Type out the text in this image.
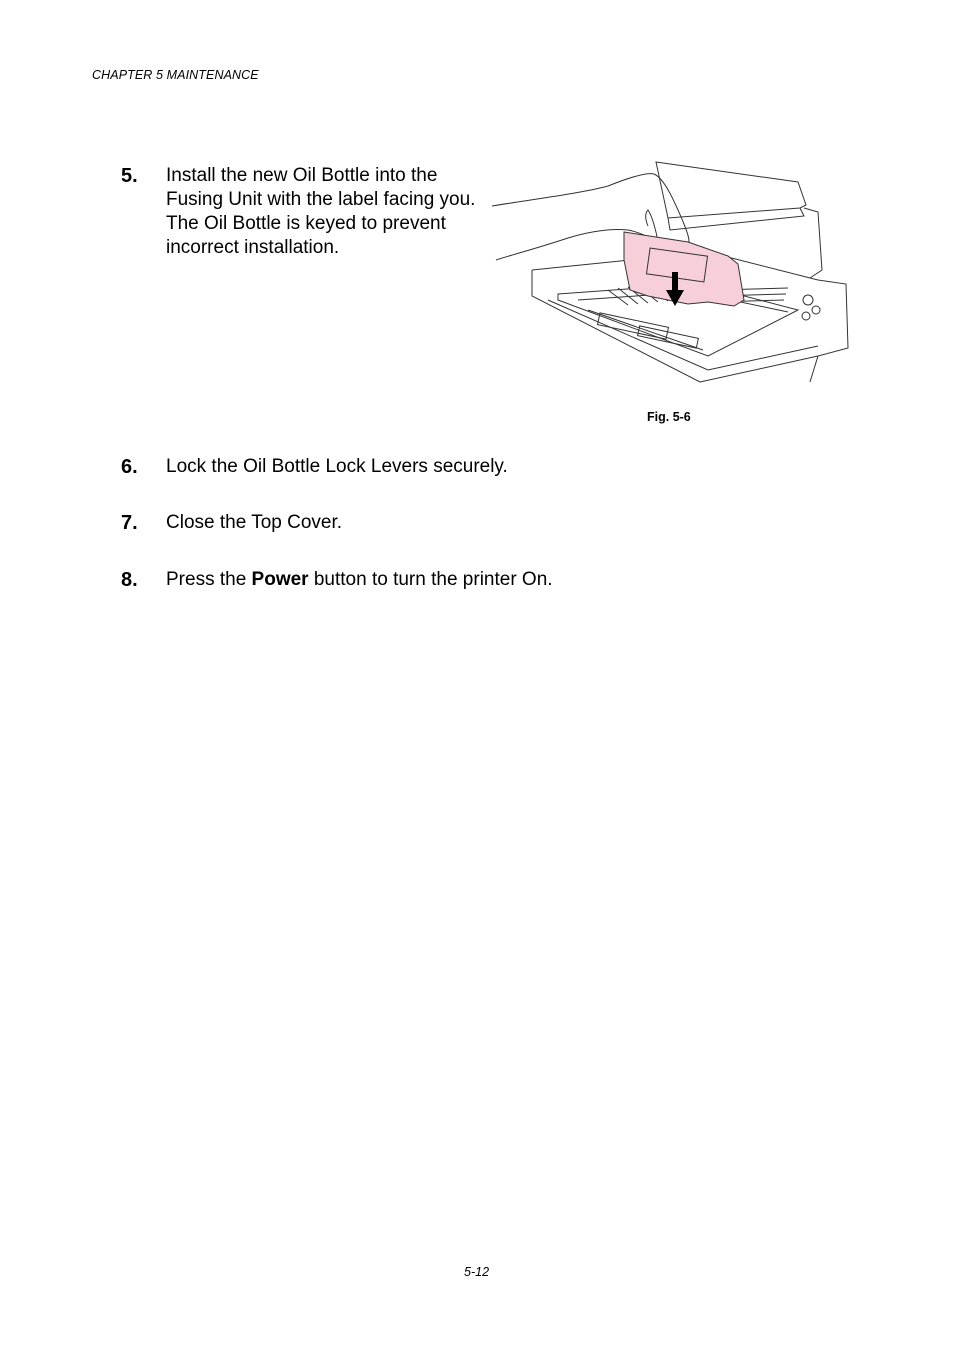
CHAPTER 5 MAINTENANCE
5. Install the new Oil Bottle into the Fusing Unit with the label facing you. The Oil Bottle is keyed to prevent incorrect installation.
Fig. 5-6
6. Lock the Oil Bottle Lock Levers securely.
7. Close the Top Cover.
8. Press the Power button to turn the printer On.
5-12
